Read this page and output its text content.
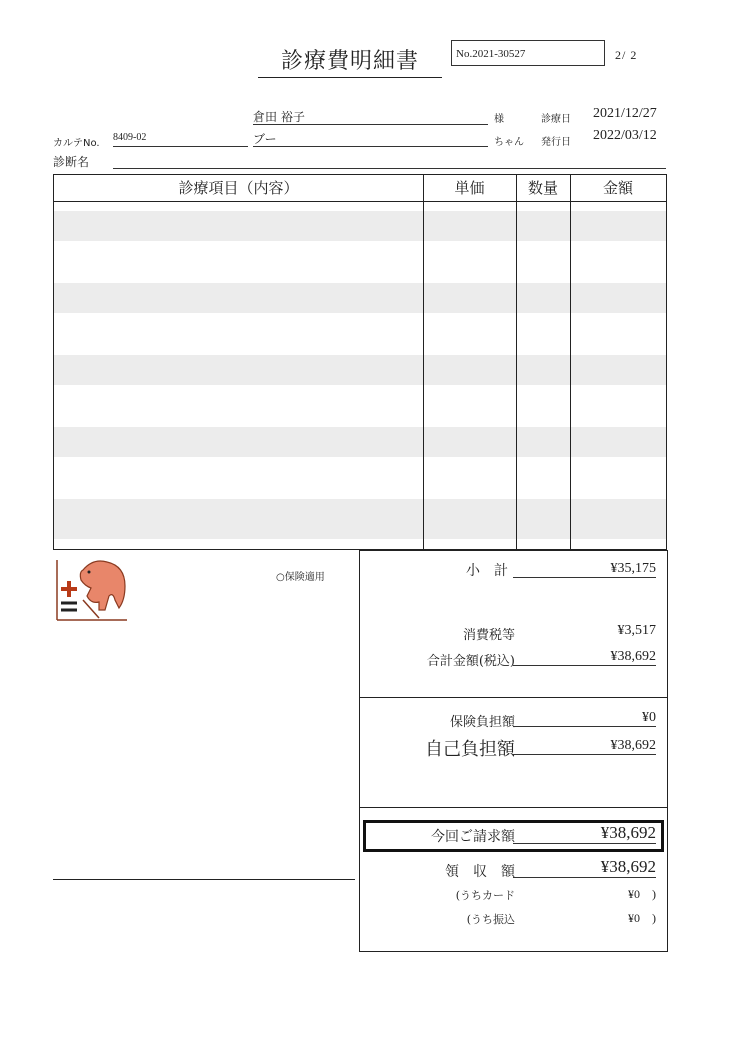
診療費明細書	No.2021-30527	2/ 2
倉田 裕子	様	診療日 2021/12/27
カルテNo.
8409-02	ブー	ちゃん 発行日 2022/03/12
診断名
診療項目（内容）	単価	数量	金額
○保険適用	小　計	¥35,175
消費税等	¥3,517
合計金額(税込)	¥38,692
保険負担額	¥0
自己負担額	¥38,692
今回ご請求額	¥38,692
領　収　額	¥38,692
(うちカード	¥0　)
(うち振込	¥0　)
